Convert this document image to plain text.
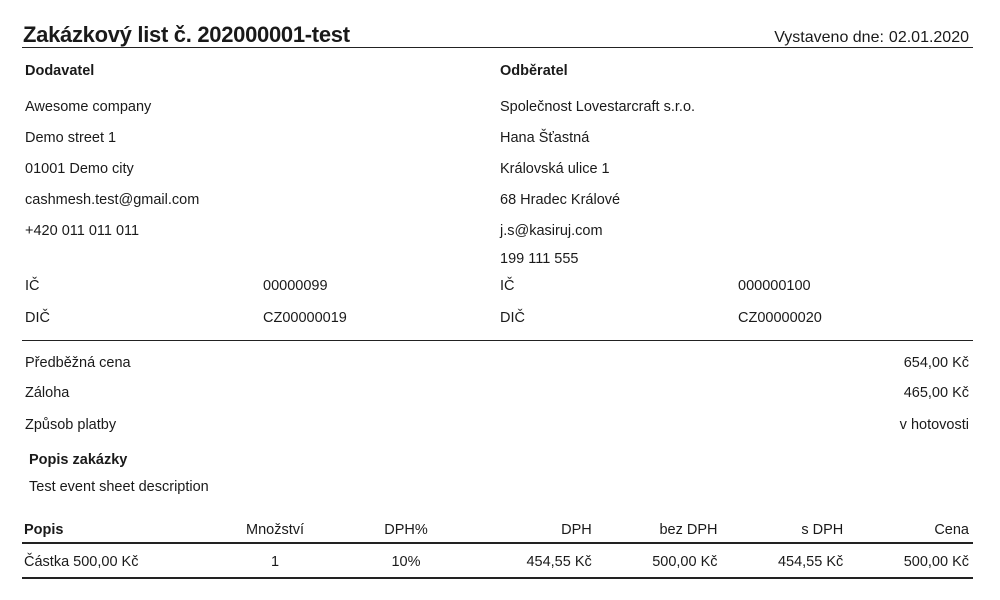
Zakázkový list č. 202000001-test	Vystaveno dne: 02.01.2020
Dodavatel
Awesome company
Demo street 1
01001 Demo city
cashmesh.test@gmail.com
+420 011 011 011
IČ	00000099
DIČ	CZ00000019
Odběratel
Společnost Lovestarcraft s.r.o.
Hana Šťastná
Královská ulice 1
68 Hradec Králové
j.s@kasiruj.com
199 111 555
IČ	000000100
DIČ	CZ00000020
Předběžná cena	654,00 Kč
Záloha	465,00 Kč
Způsob platby	v hotovosti
Popis zakázky
Test event sheet description
Popis	Množství	DPH%	DPH	bez DPH	s DPH	Cena
Částka 500,00 Kč	1	10%	454,55 Kč	500,00 Kč	454,55 Kč	500,00 Kč
